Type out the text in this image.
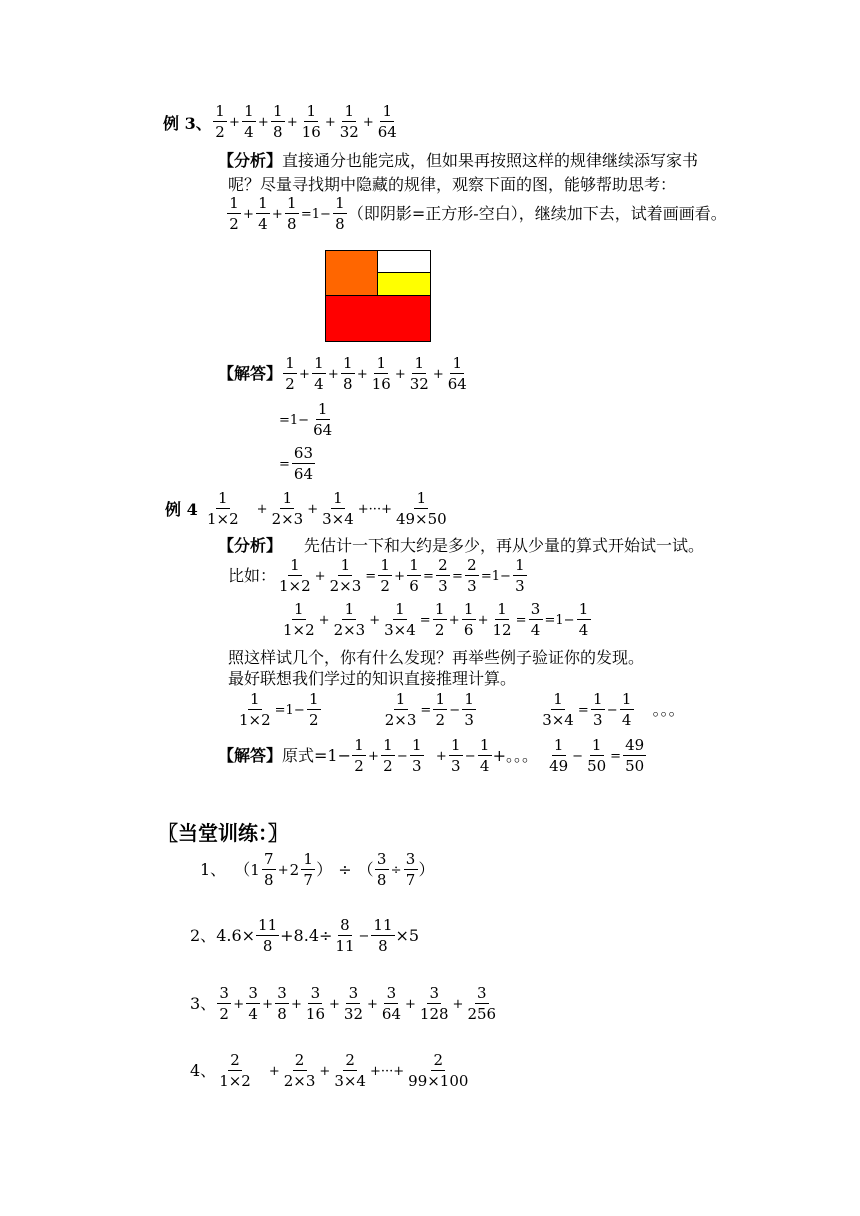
例 3、 $\frac{1}{2} + \frac{1}{4} + \frac{1}{8} + \frac{1}{16} + \frac{1}{32} + \frac{1}{64}$
【分析】 直接通分也能完成，但如果再按照这样的规律继续添写家书
呢？尽量寻找期中隐藏的规律，观察下面的图，能够帮助思考：
$\frac{1}{2} + \frac{1}{4} + \frac{1}{8} =1- \frac{1}{8}$ （即阴影=正方形-空白），继续加下去，试着画画看。
【解答】 $\frac{1}{2} + \frac{1}{4} + \frac{1}{8} + \frac{1}{16} + \frac{1}{32} + \frac{1}{64}$
$=1- \frac{1}{64}$
= $\frac{63}{64}$
例 $4 \frac{1}{1\times 2} + \frac{1}{2\times 3} + \frac{1}{3\times 4}$ +···+ $\frac{1}{49\times 50}$
【分析】 先估计一下和大约是多少，再从少量的算式开始试一试。
比如： $\frac{1}{1\times 2} + \frac{1}{2\times 3} = \frac{1}{2} + \frac{1}{6} = \frac{2}{3} = \frac{2}{3} =1- \frac{1}{3}$
$\frac{1}{1\times 2} + \frac{1}{2\times 3} + \frac{1}{3\times 4} = \frac{1}{2} + \frac{1}{6} + \frac{1}{12} = \frac{3}{4} =1- \frac{1}{4}$
照这样试几个，你有什么发现？再举些例子验证你的发现。
最好联想我们学过的知识直接推理计算。
$\frac{1}{1\times 2} =1- \frac{1}{2}$	$\frac{1}{2\times 3} = \frac{1}{2} - \frac{1}{3}$	$\frac{1}{3\times 4} = \frac{1}{3} - \frac{1}{4}$ 。。。
【解答】 原式$=1- \frac{1}{2} + \frac{1}{2} - \frac{1}{3} + \frac{1}{3} - \frac{1}{4}$ +。。。 $\frac{1}{49} - \frac{1}{50} = \frac{49}{50}$
〖当堂训练：〗
1、 （ $1 \frac{7}{8} + 2 \frac{1}{7}$ ） ÷ （ $\frac{3}{8} \div \frac{3}{7}$ ）
2、 $4.6\times \frac{11}{8} +8.4\div \frac{8}{11} - \frac{11}{8} \times 5$
3、 $\frac{3}{2} + \frac{3}{4} + \frac{3}{8} + \frac{3}{16} + \frac{3}{32} + \frac{3}{64} + \frac{3}{128} + \frac{3}{256}$
4、 $\frac{2}{1\times 2} + \frac{2}{2\times 3} + \frac{2}{3\times 4}$ +···+ $\frac{2}{99\times 100}$
